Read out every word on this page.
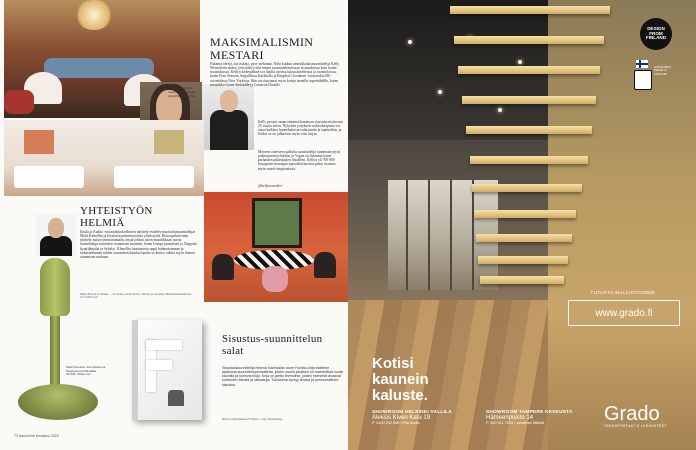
Kelly Wearstler on rakentanut imperialla ympäriinsa tunnetuin.
MAKSIMALISMIN MESTARI

Pukama värejä, ota riskejä, pysy uteliaana. Näin kuuluu amerikkalaissuunnittelija Kelly Wearstlerin motto, joka näkyy niin hänen suunnittelemissaan sisustuksissa kuin kodin sisustuksissa. Kellyn kädenjälkeä voi ihailla useissa luksushotelleissa ja ravintoloissa, kuten Four Seasons Anguillassa Karibialla ja Bergdorf Goodman -tavaratalon BG-ravintolassa New Yorkissa. Hän on sisustanut myös koteja monille supertähdille, kuten muusikko Gwen Stefanille ja Cameron Diazille.

Kelly perusti oman nimensä kantavan sisustusyrityksensä 25 vuotta sitten. Nykyään yrityksen verkkokaupasta voi ostaa kaikkea huonekaluista valaisimiin ja tapetteihin, ja lisäksi se on julkaissut myös viisi kirjaa.

Moneen otteeseen palkittu suunnittelija tunnetaan myös pukeutumistyylistään, ja Vogue on listannut hänet parhaiden pukeutujien listalleen. Kellyn yli 700 000 Instagram-seuraajaa saavatkin kuvista paitsi sisustus- myös muoti-inspiraatiota.

@kellywearstler
YHTEISTYÖN HELMIÄ

Iittala ja Arabia -muotoilukokoelmien näyttely esittelee muotoilusuunnittelijat Matti Klenellin ja Iittalan kymmenvuotista yhteistyötä. Retrospektiivinen näyttely auttaa ymmärtämään, mistä johtuu sitten muodikkaan useita huonekaluja esineiden osaamisen tuotteita, kuten Lempi-juomalasit ja Nappula-kynttilänjalat ja Sybelyt. Klenellin tuotannosta oppii hahmottamaan ja tarkastelemaan niiden osaamisen kuinka lopulta se kertoo oikein myös hienon osaamisen mukaan.

Matti Klenell ja Iittala — 10 vuotta suunnittelua, Iittalan ja Arabian Muotoilukeskuksessa 15.3.2020 asti.

Matti Klenellin suunnittelema Nappula-kynttilänjalka 35,90€, iittala.com.

Sisustus-suunnittelun salat

Sisustussuunnittelija Helena Karihkalan tuore Funktio-kirja esittelee ajattomia suunnitteluperiaatteita, joiden avulla jokaisen on mahdollista luoda kauniita ja toimivia tiloja. Kirja on jaettu teemoihin, joiden esimerkit avaavat kohteiden ideoita ja ratkaisuja. Tuloksena syntyy ilmava ja persoonallinen sisustus.

Helena Karihkalan Funktio, Cozy Publishing.

72 Aamulehti Kesäkuu 2020
DESIGN FROM FINLAND
AVAINLIPPU MADE IN FINLAND
TUTUSTU MALLISTOOMME
www.grado.fi
Kotisi
kaunein
kaluste.
SHOWROOM HELSINKI VALLILA
Aleksis Kiven Katu 19
P. 0400 202 606 / Piia Ahola
SHOWROOM TAMPERE KESKUSTA
Hämeenpuisto 14
P. 040 511 7803 / Jonathan Mäkilä	Grado
TERASPORTAAT & LASIKAITEET
